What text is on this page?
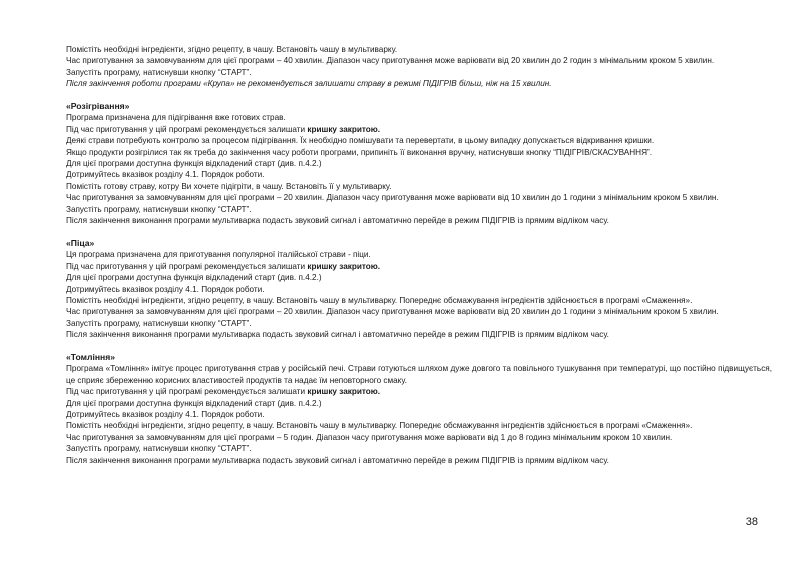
Помістіть необхідні інгредієнти, згідно рецепту, в чашу. Встановіть чашу в мультиварку.

Час приготування за замовчуванням для цієї програми – 40 хвилин. Діапазон часу приготування може варіювати від 20 хвилин до 2 годин з мінімальним кроком 5 хвилин.

Запустіть програму, натиснувши кнопку “СТАРТ”.

Після закінчення роботи програми «Крупа» не рекомендується залишати страву в режимі ПІДІГРІВ більш, ніж на 15 хвилин.

«Розігрівання»

Програма призначена для підігрівання вже готових страв.

Під час приготування у цій програмі рекомендується залишати кришку закритою.

Деякі страви потребують контролю за процесом підігрівання. Їх необхідно помішувати та перевертати, в цьому випадку допускається відкривання кришки.

Якщо продукти розігрілися так як треба до закінчення часу роботи програми, припиніть її виконання вручну, натиснувши кнопку “ПІДІГРІВ/СКАСУВАННЯ”.

Для цієї програми доступна функція відкладений старт (див. п.4.2.)

Дотримуйтесь вказівок розділу 4.1. Порядок роботи.

Помістіть готову страву, котру Ви хочете підігріти, в чашу. Встановіть її у мультиварку.

Час приготування за замовчуванням для цієї програми – 20 хвилин. Діапазон часу приготування може варіювати від 10 хвилин до 1 години з мінімальним кроком 5 хвилин.

Запустіть програму, натиснувши кнопку “СТАРТ”.

Після закінчення виконання програми мультиварка подасть звуковий сигнал і автоматично перейде в режим ПІДІГРІВ із прямим відліком часу.

«Піца»

Ця програма призначена для приготування популярної італійської страви - піци.

Під час приготування у цій програмі рекомендується залишати кришку закритою.

Для цієї програми доступна функція відкладений старт (див. п.4.2.)

Дотримуйтесь вказівок розділу 4.1. Порядок роботи.

Помістіть необхідні інгредієнти, згідно рецепту, в чашу. Встановіть чашу в мультиварку. Попереднє обсмажування інгредієнтів здійснюється в програмі «Смаження».

Час приготування за замовчуванням для цієї програми – 20 хвилин. Діапазон часу приготування може варіювати від 20 хвилин до 1 години з мінімальним кроком 5 хвилин.

Запустіть програму, натиснувши кнопку “СТАРТ”.

Після закінчення виконання програми мультиварка подасть звуковий сигнал і автоматично перейде в режим ПІДІГРІВ із прямим відліком часу.

«Томління»

Програма «Томління» імітує процес приготування страв у російській печі. Страви готуються шляхом дуже довгого та повільного тушкування при температурі, що постійно підвищується, це сприяє збереженню корисних властивостей продуктів та надає їм неповторного смаку.

Під час приготування у цій програмі рекомендується залишати кришку закритою.

Для цієї програми доступна функція відкладений старт (див. п.4.2.)

Дотримуйтесь вказівок розділу 4.1. Порядок роботи.

Помістіть необхідні інгредієнти, згідно рецепту, в чашу. Встановіть чашу в мультиварку. Попереднє обсмажування інгредієнтів здійснюється в програмі «Смаження».

Час приготування за замовчуванням для цієї програми – 5 годин. Діапазон часу приготування може варіювати від 1 до 8 годинз мінімальним кроком 10 хвилин.

Запустіть програму, натиснувши кнопку “СТАРТ”.

Після закінчення виконання програми мультиварка подасть звуковий сигнал і автоматично перейде в режим ПІДІГРІВ із прямим відліком часу.

38
